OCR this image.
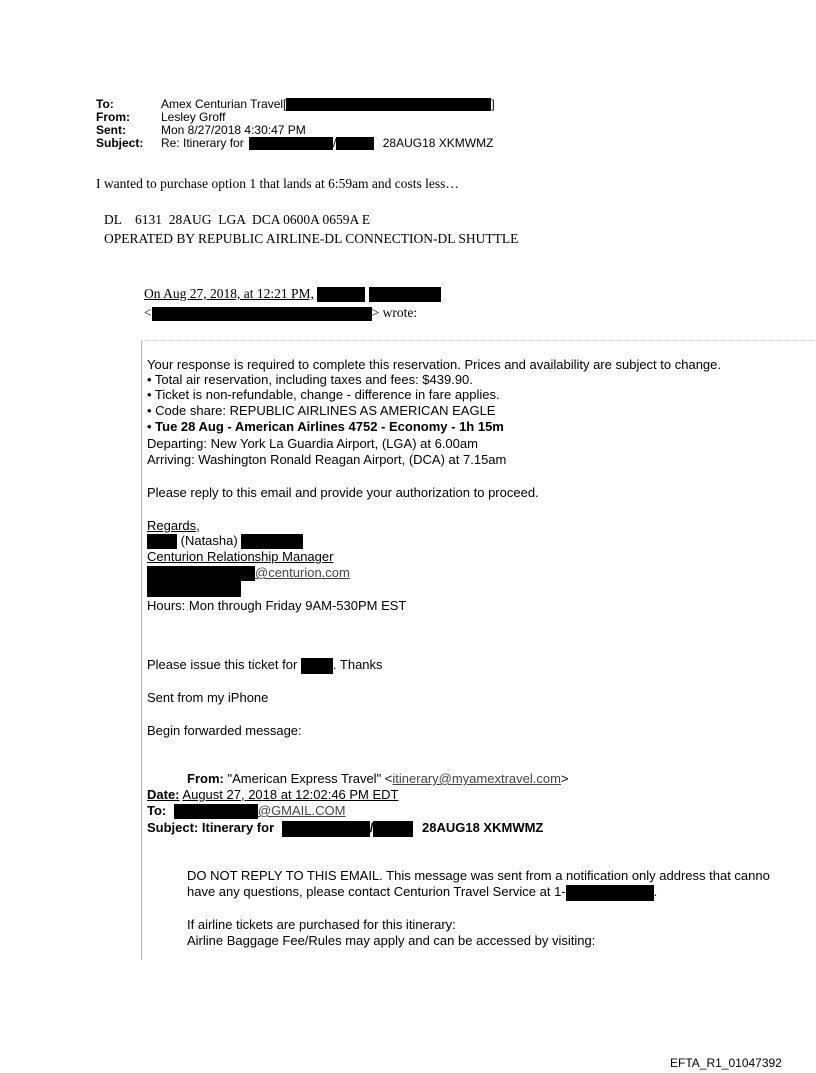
To:	Amex Centurian Travel[	]
From:	Lesley Groff
Sent:	Mon 8/27/2018 4:30:47 PM
Subject: Re: Itinerary for	/	28AUG18 XKMWMZ
I wanted to purchase option 1 that lands at 6:59am and costs less…
DL    6131  28AUG  LGA  DCA 0600A 0659A E
OPERATED BY REPUBLIC AIRLINE-DL CONNECTION-DL SHUTTLE
On Aug 27, 2018, at 12:21 PM,
<	> wrote:
Your response is required to complete this reservation. Prices and availability are subject to change.
• Total air reservation, including taxes and fees: $439.90.
• Ticket is non-refundable, change - difference in fare applies.
• Code share: REPUBLIC AIRLINES AS AMERICAN EAGLE
• Tue 28 Aug - American Airlines 4752 - Economy - 1h 15m
Departing: New York La Guardia Airport, (LGA) at 6.00am
Arriving: Washington Ronald Reagan Airport, (DCA) at 7.15am
Please reply to this email and provide your authorization to proceed.
Regards,
(Natasha)
Centurion Relationship Manager
@centurion.com
Hours: Mon through Friday 9AM-530PM EST
Please issue this ticket for	. Thanks
Sent from my iPhone
Begin forwarded message:
From: "American Express Travel" <itinerary@myamextravel.com>
Date: August 27, 2018 at 12:02:46 PM EDT
To:	@GMAIL.COM
Subject: Itinerary for	/	28AUG18 XKMWMZ
DO NOT REPLY TO THIS EMAIL. This message was sent from a notification only address that canno
have any questions, please contact Centurion Travel Service at 1-	.
If airline tickets are purchased for this itinerary:
Airline Baggage Fee/Rules may apply and can be accessed by visiting:
EFTA_R1_01047392
